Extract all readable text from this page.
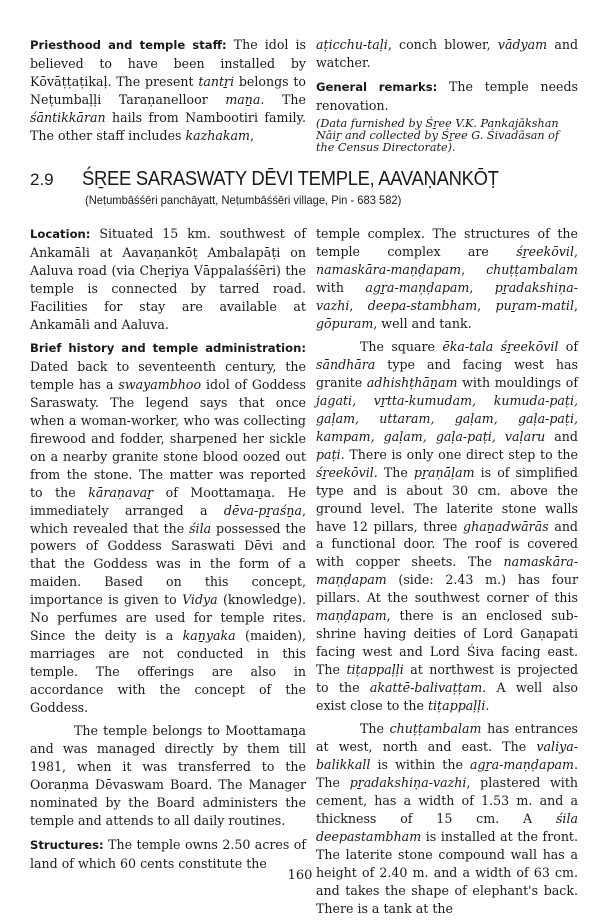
Priesthood and temple staff: The idol is believed to have been installed by Kōvāṭṭaṭikaḷ. The present tantṟi belongs to Neṭumbaḷḷi Taraṇanelloor maṉa. The śāntikkāran hails from Nambootiri family. The other staff includes kazhakam,

aṭicchu-taḷi, conch blower, vādyam and watcher.

General remarks: The temple needs renovation.

(Data furnished by Śṟee V.K. Pankajākshan Nāiṟ and collected by Śṟee G. Śivadāsan of the Census Directorate).

2.9	ŚṞEE SARASWATY DĒVI TEMPLE, AAVAṆANKŌṬ
(Neṭumbāśśēri panchāyatt, Neṭumbāśśēri village, Pin - 683 582)

Location: Situated 15 km. southwest of Ankamāli at Aavaṇankōṭ Ambalapāṭi on Aaluva road (via Cheṟiya Vāppalaśśēri) the temple is connected by tarred road. Facilities for stay are available at Ankamāli and Aaluva.

Brief history and temple administration: Dated back to seventeenth century, the temple has a swayambhoo idol of Goddess Saraswaty. The legend says that once when a woman-worker, who was collecting firewood and fodder, sharpened her sickle on a nearby granite stone blood oozed out from the stone. The matter was reported to the kāraṇavaṟ of Moottamaṉa. He immediately arranged a dēva-pṟaśṉa, which revealed that the śila possessed the powers of Goddess Saraswati Dēvi and that the Goddess was in the form of a maiden. Based on this concept, importance is given to Vidya (knowledge). No perfumes are used for temple rites. Since the deity is a kaṉyaka (maiden), marriages are not conducted in this temple. The offerings are also in accordance with the concept of the Goddess.

The temple belongs to Moottamaṉa and was managed directly by them till 1981, when it was transferred to the Ooraṇma Dēvaswam Board. The Manager nominated by the Board administers the temple and attends to all daily routines.

Structures: The temple owns 2.50 acres of land of which 60 cents constitute the

temple complex. The structures of the temple complex are śṟeekōvil, namaskāra-maṇḍapam, chuṭṭambalam with agṟa-maṇḍapam, pṟadakshiṇa-vazhi, deepa-stambham, puṟam-matil, gōpuram, well and tank.

The square ēka-tala śṟeekōvil of sāndhāra type and facing west has granite adhishṭhāṉam with mouldings of jagati, vṟtta-kumudam, kumuda-paṭi, gaḷam, uttaram, gaḷam, gaḷa-paṭi, kampam, gaḷam, gaḷa-paṭi, vaḷaru and paṭi. There is only one direct step to the śṟeekōvil. The pṟaṇāḷam is of simplified type and is about 30 cm. above the ground level. The laterite stone walls have 12 pillars, three ghaṉadwārās and a functional door. The roof is covered with copper sheets. The namaskāra-maṇḍapam (side: 2.43 m.) has four pillars. At the southwest corner of this maṇḍapam, there is an enclosed sub-shrine having deities of Lord Gaṇapati facing west and Lord Śiva facing east. The tiṭappaḷḷi at northwest is projected to the akattē-balivaṭṭam. A well also exist close to the tiṭappaḷḷi.

The chuṭṭambalam has entrances at west, north and east. The valiya-balikkall is within the agṟa-maṇḍapam. The pṟadakshiṇa-vazhi, plastered with cement, has a width of 1.53 m. and a thickness of 15 cm. A śila deepastambham is installed at the front. The laterite stone compound wall has a height of 2.40 m. and a width of 63 cm. and takes the shape of elephant's back. There is a tank at the

160
